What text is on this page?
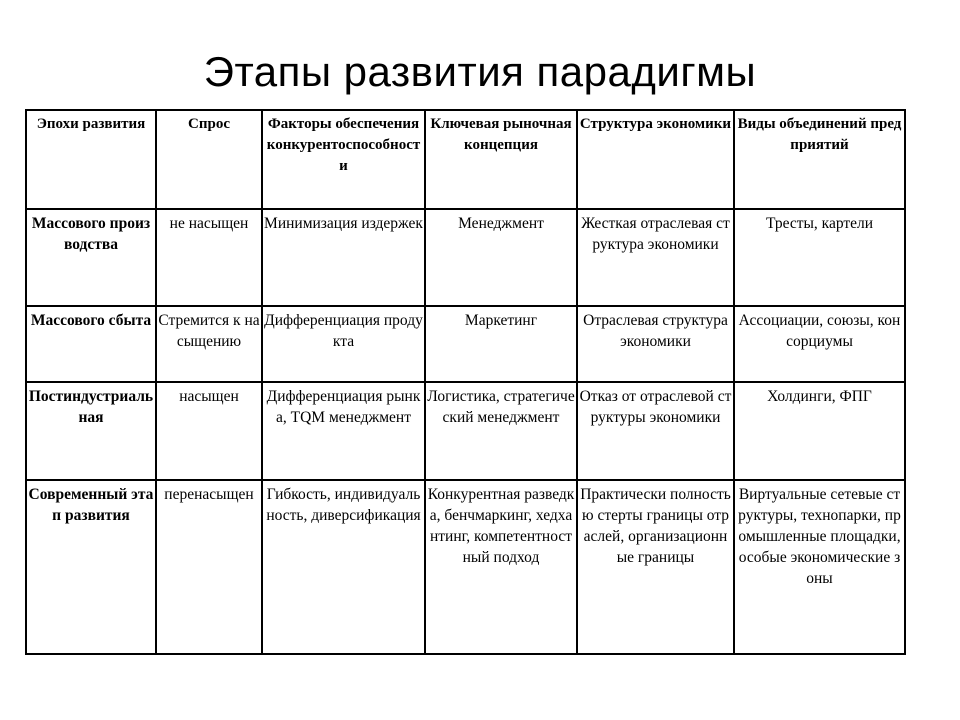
Этапы развития парадигмы
Эпохи развития	Спрос	Факторы обеспечения конкурентоспособности	Ключевая рыночная концепция	Структура экономики	Виды объединений предприятий
Массового производства	не насыщен	Минимизация издержек	Менеджмент	Жесткая отраслевая структура экономики	Тресты, картели
Массового сбыта	Стремится к насыщению	Дифференциация продукта	Маркетинг	Отраслевая структура экономики	Ассоциации, союзы, консорциумы
Постиндустриальная	насыщен	Дифференциация рынка, TQM менеджмент	Логистика, стратегический менеджмент	Отказ от отраслевой структуры экономики	Холдинги, ФПГ
Современный этап развития	перенасыщен	Гибкость, индивидуальность, диверсификация	Конкурентная разведка, бенчмаркинг, хедхантинг, компетентностный подход	Практически полностью стерты границы отраслей, организационные границы	Виртуальные сетевые структуры, технопарки, промышленные площадки, особые экономические зоны
